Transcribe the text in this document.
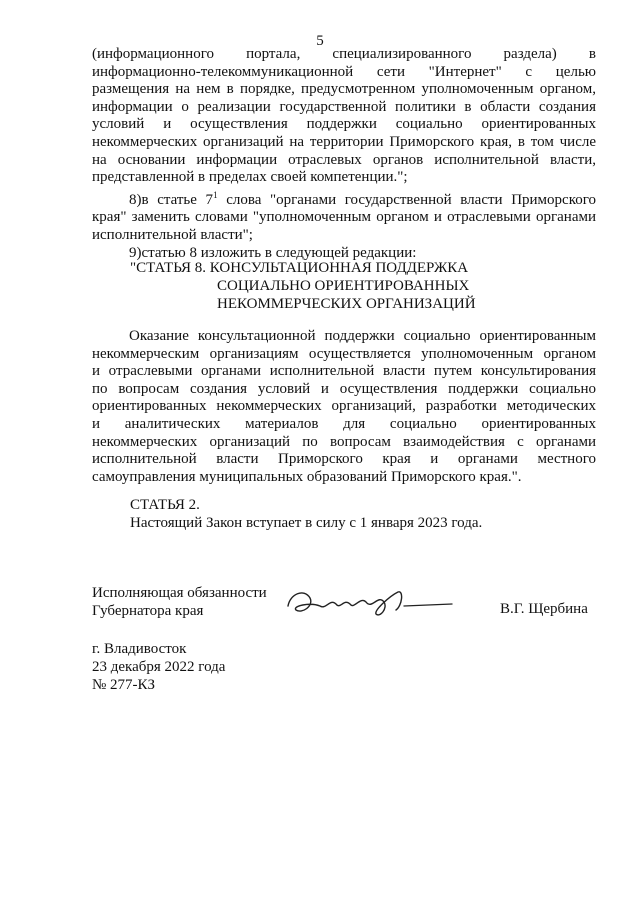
5

(информационного портала, специализированного раздела) в

информационно-телекоммуникационной сети "Интернет" с целью

размещения на нем в порядке, предусмотренном уполномоченным органом,

информации о реализации государственной политики в области создания

условий и осуществления поддержки социально ориентированных

некоммерческих организаций на территории Приморского края, в том числе

на основании информации отраслевых органов исполнительной власти,

представленной в пределах своей компетенции.";

8)в статье $7^1$ слова "органами государственной власти Приморского

края" заменить словами "уполномоченным органом и отраслевыми органами

исполнительной власти";

9)статью 8 изложить в следующей редакции:

"СТАТЬЯ 8. КОНСУЛЬТАЦИОННАЯ ПОДДЕРЖКА
СОЦИАЛЬНО ОРИЕНТИРОВАННЫХ
НЕКОММЕРЧЕСКИХ ОРГАНИЗАЦИЙ

Оказание консультационной поддержки социально ориентированным

некоммерческим организациям осуществляется уполномоченным органом

и отраслевыми органами исполнительной власти путем консультирования

по вопросам создания условий и осуществления поддержки социально

ориентированных некоммерческих организаций, разработки методических

и аналитических материалов для социально ориентированных

некоммерческих организаций по вопросам взаимодействия с органами

исполнительной власти Приморского края и органами местного

самоуправления муниципальных образований Приморского края.".

СТАТЬЯ 2.
Настоящий Закон вступает в силу с 1 января 2023 года.
Исполняющая обязанности
Губернатора края	В.Г. Щербина
г. Владивосток
23 декабря 2022 года
№ 277-КЗ
